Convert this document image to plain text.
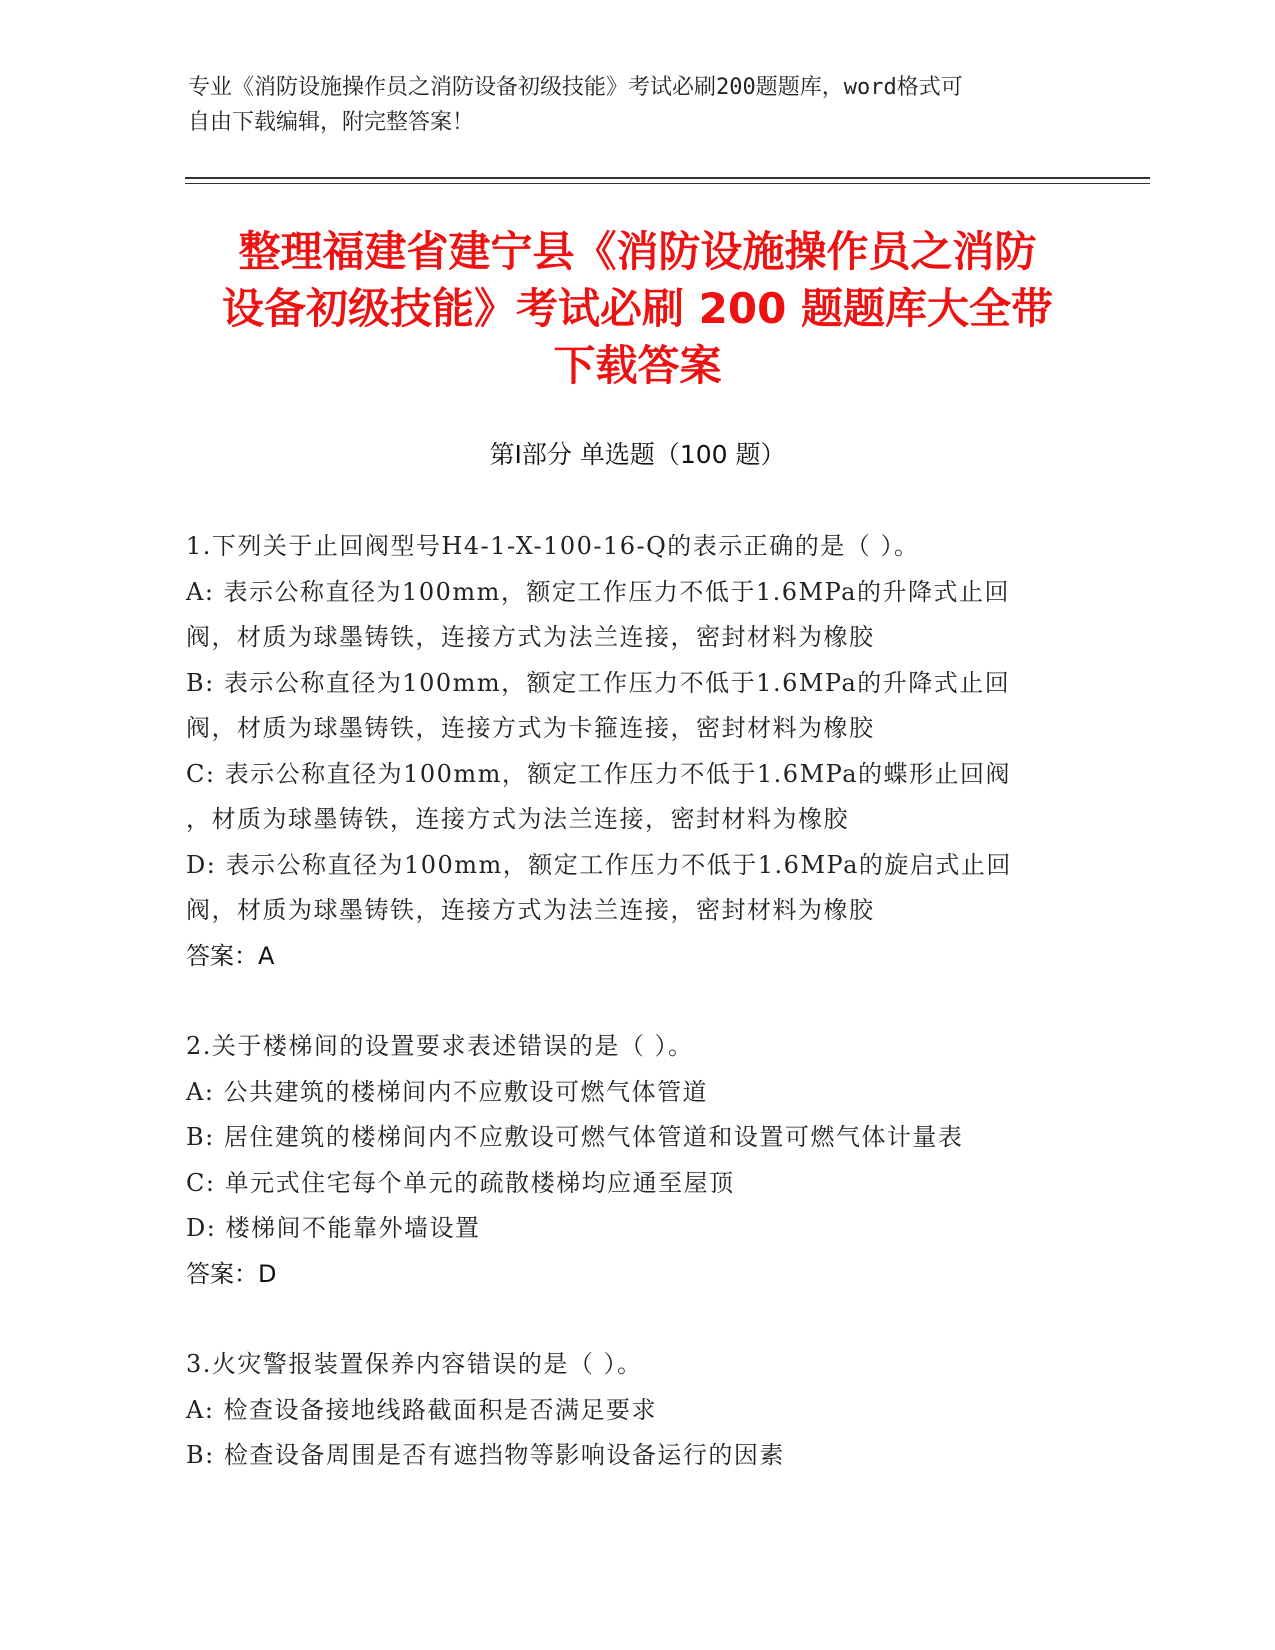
专业《消防设施操作员之消防设备初级技能》考试必刷200题题库，word格式可
自由下载编辑，附完整答案！
整理福建省建宁县《消防设施操作员之消防
设备初级技能》考试必刷 200 题题库大全带
下载答案
第Ⅰ部分 单选题（100 题）
1.下列关于止回阀型号H4-1-X-100-16-Q的表示正确的是（ ）。
A: 表示公称直径为100mm，额定工作压力不低于1.6MPa的升降式止回
阀，材质为球墨铸铁，连接方式为法兰连接，密封材料为橡胶
B: 表示公称直径为100mm，额定工作压力不低于1.6MPa的升降式止回
阀，材质为球墨铸铁，连接方式为卡箍连接，密封材料为橡胶
C: 表示公称直径为100mm，额定工作压力不低于1.6MPa的蝶形止回阀
，材质为球墨铸铁，连接方式为法兰连接，密封材料为橡胶
D: 表示公称直径为100mm，额定工作压力不低于1.6MPa的旋启式止回
阀，材质为球墨铸铁，连接方式为法兰连接，密封材料为橡胶
答案：A
2.关于楼梯间的设置要求表述错误的是（ ）。
A: 公共建筑的楼梯间内不应敷设可燃气体管道
B: 居住建筑的楼梯间内不应敷设可燃气体管道和设置可燃气体计量表
C: 单元式住宅每个单元的疏散楼梯均应通至屋顶
D: 楼梯间不能靠外墙设置
答案：D
3.火灾警报装置保养内容错误的是（ ）。
A: 检查设备接地线路截面积是否满足要求
B: 检查设备周围是否有遮挡物等影响设备运行的因素
